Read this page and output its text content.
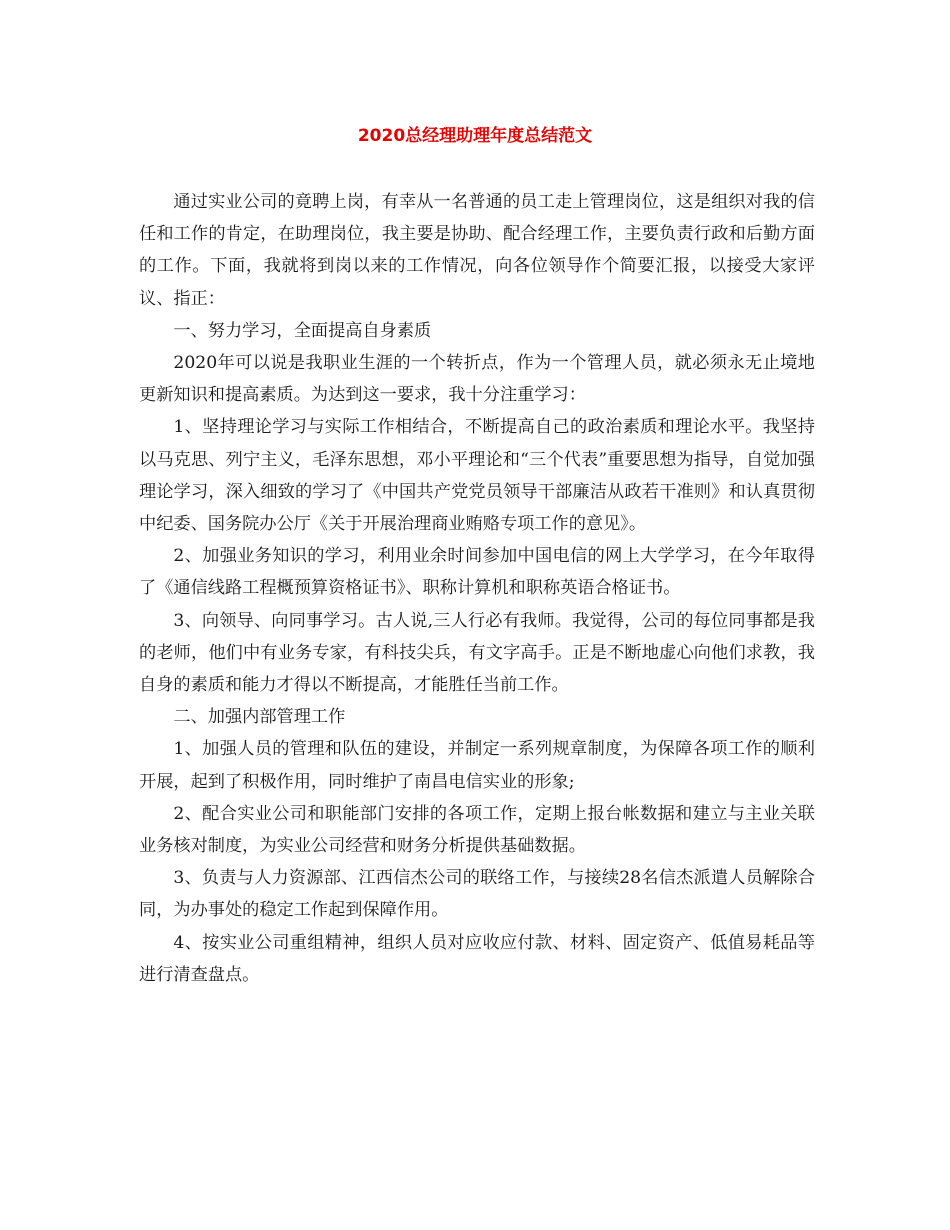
2020总经理助理年度总结范文

通过实业公司的竟聘上岗，有幸从一名普通的员工走上管理岗位，这是组织对我的信任和工作的肯定，在助理岗位，我主要是协助、配合经理工作，主要负责行政和后勤方面的工作。下面，我就将到岗以来的工作情况，向各位领导作个简要汇报，以接受大家评议、指正：

一、努力学习，全面提高自身素质

2020年可以说是我职业生涯的一个转折点，作为一个管理人员，就必须永无止境地更新知识和提高素质。为达到这一要求，我十分注重学习：

1、坚持理论学习与实际工作相结合，不断提高自己的政治素质和理论水平。我坚持以马克思、列宁主义，毛泽东思想，邓小平理论和“三个代表”重要思想为指导，自觉加强理论学习，深入细致的学习了《中国共产党党员领导干部廉洁从政若干准则》和认真贯彻中纪委、国务院办公厅《关于开展治理商业贿赂专项工作的意见》。

2、加强业务知识的学习，利用业余时间参加中国电信的网上大学学习，在今年取得了《通信线路工程概预算资格证书》、职称计算机和职称英语合格证书。

3、向领导、向同事学习。古人说,三人行必有我师。我觉得，公司的每位同事都是我的老师，他们中有业务专家，有科技尖兵，有文字高手。正是不断地虚心向他们求教，我自身的素质和能力才得以不断提高，才能胜任当前工作。

二、加强内部管理工作

1、加强人员的管理和队伍的建设，并制定一系列规章制度，为保障各项工作的顺利开展，起到了积极作用，同时维护了南昌电信实业的形象;

2、配合实业公司和职能部门安排的各项工作，定期上报台帐数据和建立与主业关联业务核对制度，为实业公司经营和财务分析提供基础数据。

3、负责与人力资源部、江西信杰公司的联络工作，与接续28名信杰派遣人员解除合同，为办事处的稳定工作起到保障作用。

4、按实业公司重组精神，组织人员对应收应付款、材料、固定资产、低值易耗品等进行清查盘点。
